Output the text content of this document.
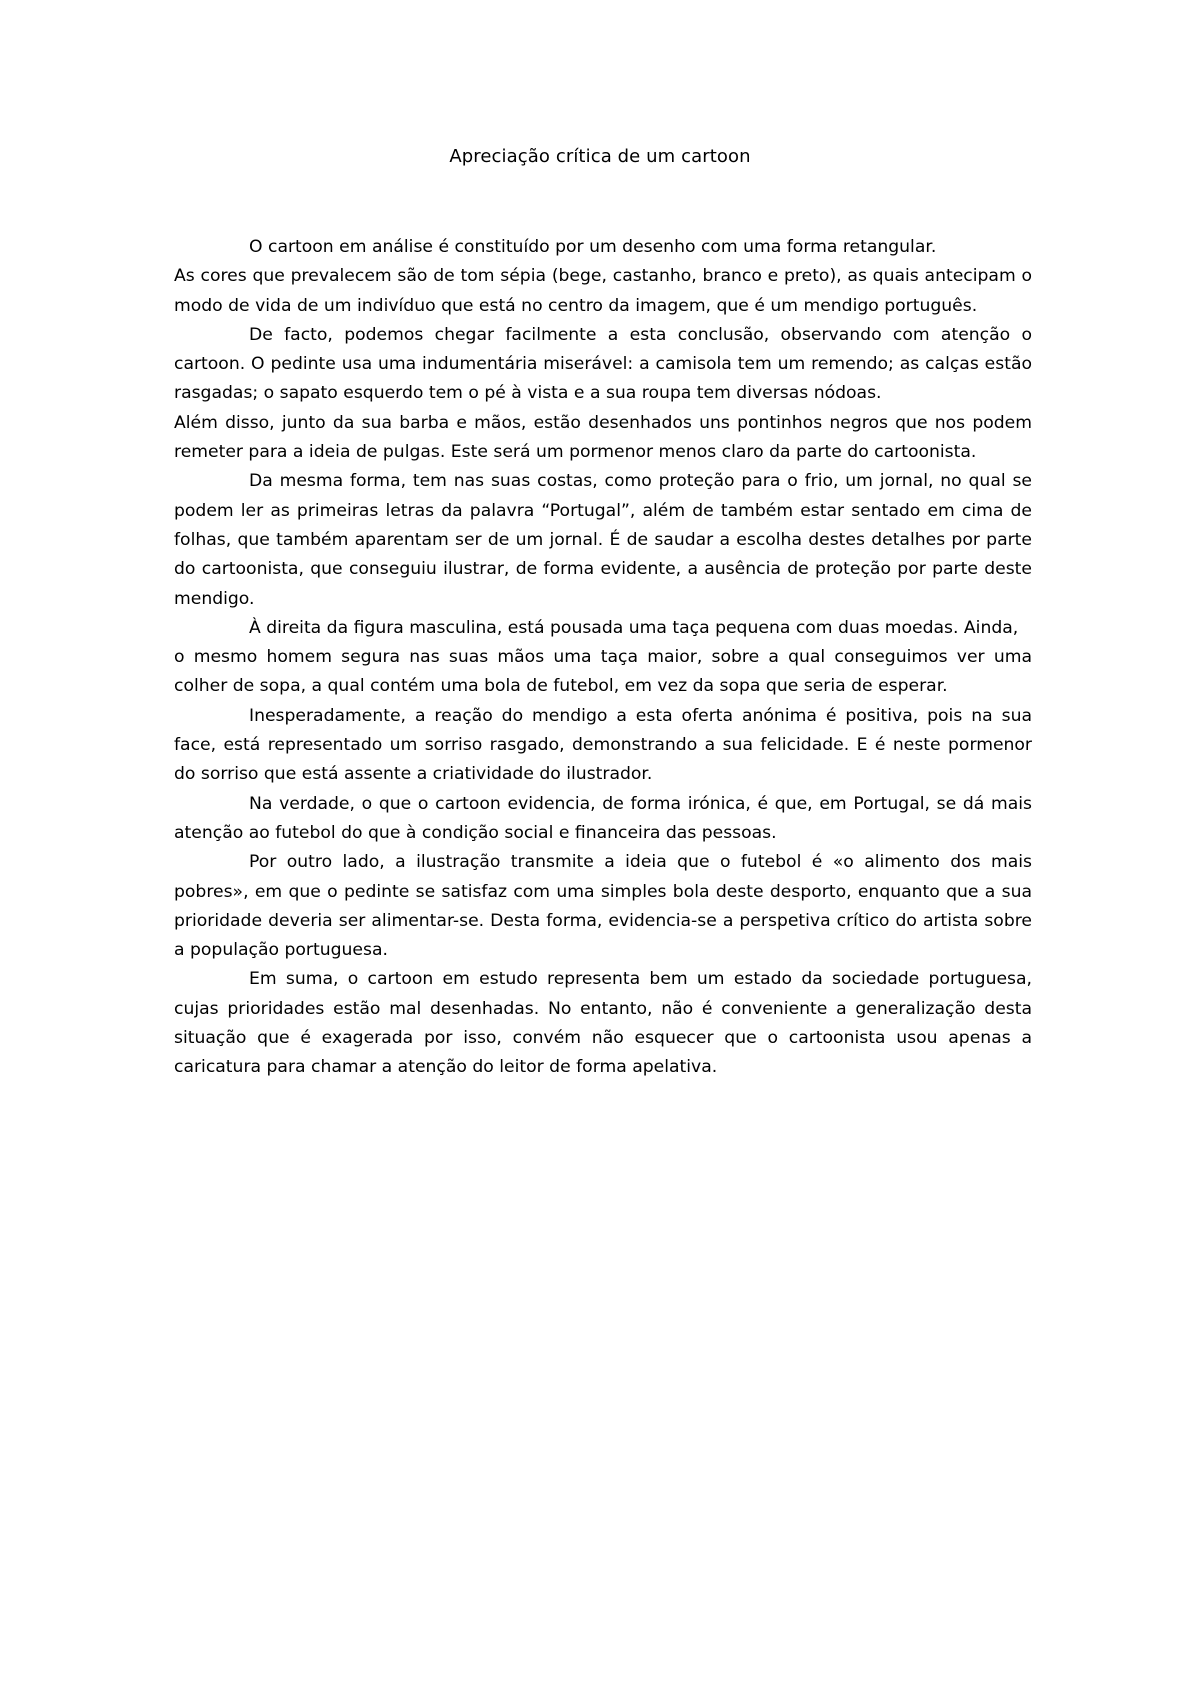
Apreciação crítica de um cartoon

O cartoon em análise é constituído por um desenho com uma forma retangular.

As cores que prevalecem são de tom sépia (bege, castanho, branco e preto), as quais antecipam o modo de vida de um indivíduo que está no centro da imagem, que é um mendigo português.

De facto, podemos chegar facilmente a esta conclusão, observando com atenção o cartoon. O pedinte usa uma indumentária miserável: a camisola tem um remendo; as calças estão rasgadas; o sapato esquerdo tem o pé à vista e a sua roupa tem diversas nódoas.

Além disso, junto da sua barba e mãos, estão desenhados uns pontinhos negros que nos podem remeter para a ideia de pulgas. Este será um pormenor menos claro da parte do cartoonista.

Da mesma forma, tem nas suas costas, como proteção para o frio, um jornal, no qual se podem ler as primeiras letras da palavra “Portugal”, além de também estar sentado em cima de folhas, que também aparentam ser de um jornal. É de saudar a escolha destes detalhes por parte do cartoonista, que conseguiu ilustrar, de forma evidente, a ausência de proteção por parte deste mendigo.

À direita da figura masculina, está pousada uma taça pequena com duas moedas. Ainda,

o mesmo homem segura nas suas mãos uma taça maior, sobre a qual conseguimos ver uma colher de sopa, a qual contém uma bola de futebol, em vez da sopa que seria de esperar.

Inesperadamente, a reação do mendigo a esta oferta anónima é positiva, pois na sua face, está representado um sorriso rasgado, demonstrando a sua felicidade. E é neste pormenor do sorriso que está assente a criatividade do ilustrador.

Na verdade, o que o cartoon evidencia, de forma irónica, é que, em Portugal, se dá mais atenção ao futebol do que à condição social e financeira das pessoas.

Por outro lado, a ilustração transmite a ideia que o futebol é «o alimento dos mais pobres», em que o pedinte se satisfaz com uma simples bola deste desporto, enquanto que a sua prioridade deveria ser alimentar-se. Desta forma, evidencia-se a perspetiva crítico do artista sobre a população portuguesa.

Em suma, o cartoon em estudo representa bem um estado da sociedade portuguesa, cujas prioridades estão mal desenhadas. No entanto, não é conveniente a generalização desta situação que é exagerada por isso, convém não esquecer que o cartoonista usou apenas a caricatura para chamar a atenção do leitor de forma apelativa.
